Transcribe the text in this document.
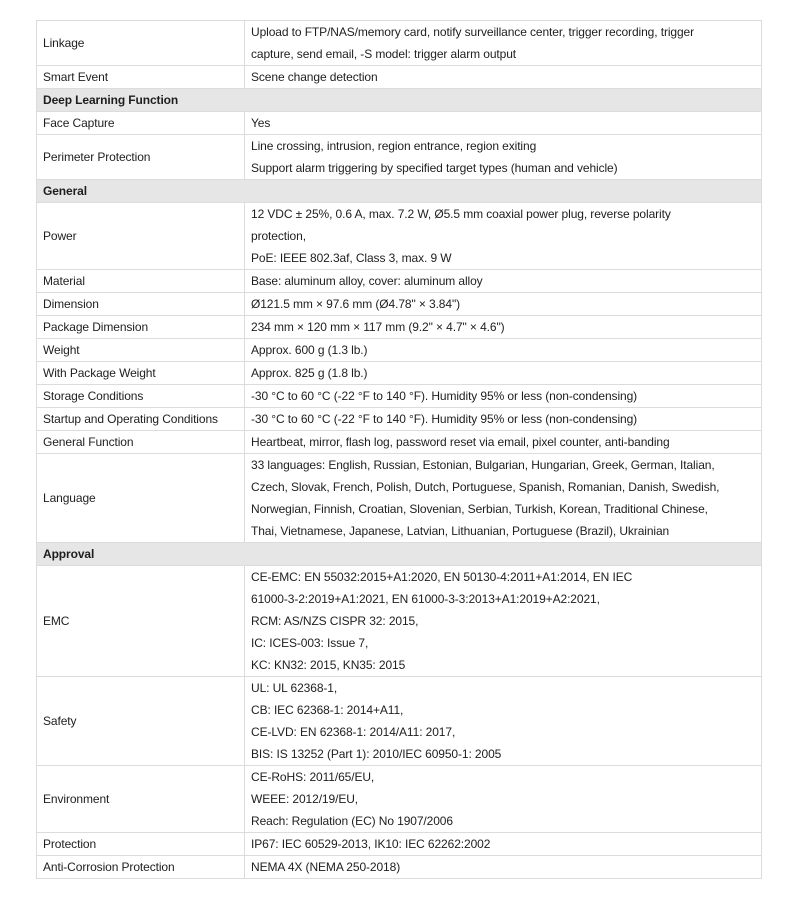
Linkage	Upload to FTP/NAS/memory card, notify surveillance center, trigger recording, trigger
capture, send email, -S model: trigger alarm output

Smart Event	Scene change detection

Deep Learning Function	
Face Capture	Yes

Perimeter Protection	Line crossing, intrusion, region entrance, region exiting
Support alarm triggering by specified target types (human and vehicle)

General	
Power	12 VDC ± 25%, 0.6 A, max. 7.2 W, Ø5.5 mm coaxial power plug, reverse polarity
protection,
PoE: IEEE 802.3af, Class 3, max. 9 W

Material	Base: aluminum alloy, cover: aluminum alloy

Dimension	Ø121.5 mm × 97.6 mm (Ø4.78" × 3.84")

Package Dimension	234 mm × 120 mm × 117 mm (9.2" × 4.7" × 4.6")

Weight	Approx. 600 g (1.3 lb.)

With Package Weight	Approx. 825 g (1.8 lb.)

Storage Conditions	-30 °C to 60 °C (-22 °F to 140 °F). Humidity 95% or less (non-condensing)

Startup and Operating Conditions	-30 °C to 60 °C (-22 °F to 140 °F). Humidity 95% or less (non-condensing)

General Function	Heartbeat, mirror, flash log, password reset via email, pixel counter, anti-banding

Language	33 languages: English, Russian, Estonian, Bulgarian, Hungarian, Greek, German, Italian,
Czech, Slovak, French, Polish, Dutch, Portuguese, Spanish, Romanian, Danish, Swedish,
Norwegian, Finnish, Croatian, Slovenian, Serbian, Turkish, Korean, Traditional Chinese,
Thai, Vietnamese, Japanese, Latvian, Lithuanian, Portuguese (Brazil), Ukrainian

Approval	
EMC	CE-EMC: EN 55032:2015+A1:2020, EN 50130-4:2011+A1:2014, EN IEC
61000-3-2:2019+A1:2021, EN 61000-3-3:2013+A1:2019+A2:2021,
RCM: AS/NZS CISPR 32: 2015,
IC: ICES-003: Issue 7,
KC: KN32: 2015, KN35: 2015

Safety	UL: UL 62368-1,
CB: IEC 62368-1: 2014+A11,
CE-LVD: EN 62368-1: 2014/A11: 2017,
BIS: IS 13252 (Part 1): 2010/IEC 60950-1: 2005

Environment	CE-RoHS: 2011/65/EU,
WEEE: 2012/19/EU,
Reach: Regulation (EC) No 1907/2006

Protection	IP67: IEC 60529-2013, IK10: IEC 62262:2002

Anti-Corrosion Protection	NEMA 4X (NEMA 250-2018)
